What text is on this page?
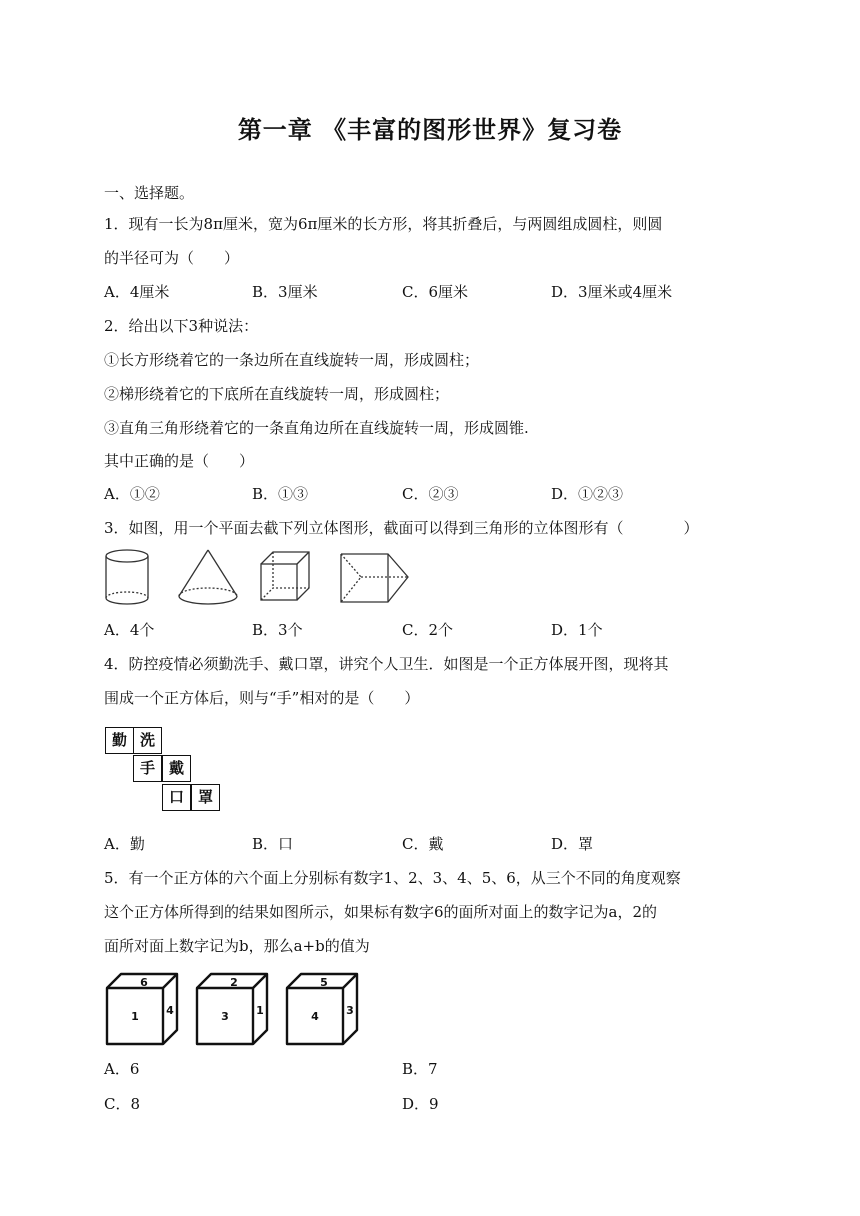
第一章 《丰富的图形世界》复习卷
一、选择题。
1．现有一长为8π厘米，宽为6π厘米的长方形，将其折叠后，与两圆组成圆柱，则圆
的半径可为（　　）
A．4厘米	B．3厘米	C．6厘米	D．3厘米或4厘米
2．给出以下3种说法：
①长方形绕着它的一条边所在直线旋转一周，形成圆柱；
②梯形绕着它的下底所在直线旋转一周，形成圆柱；
③直角三角形绕着它的一条直角边所在直线旋转一周，形成圆锥.
其中正确的是（　　）
A．①②	B．①③	C．②③	D．①②③
3．如图，用一个平面去截下列立体图形，截面可以得到三角形的立体图形有（　　　　）
A．4个	B．3个	C．2个	D．1个
4．防控疫情必须勤洗手、戴口罩，讲究个人卫生．如图是一个正方体展开图，现将其
围成一个正方体后，则与“手”相对的是（　　）
勤 洗
手 戴
口 罩
A．勤	B．口	C．戴	D．罩
5．有一个正方体的六个面上分别标有数字1、2、3、4、5、6，从三个不同的角度观察
这个正方体所得到的结果如图所示，如果标有数字6的面所对面上的数字记为a，2的
面所对面上数字记为b，那么a+b的值为
6
1 4
2
3 1
5
4 3
A．6	B．7
C．8	D．9
